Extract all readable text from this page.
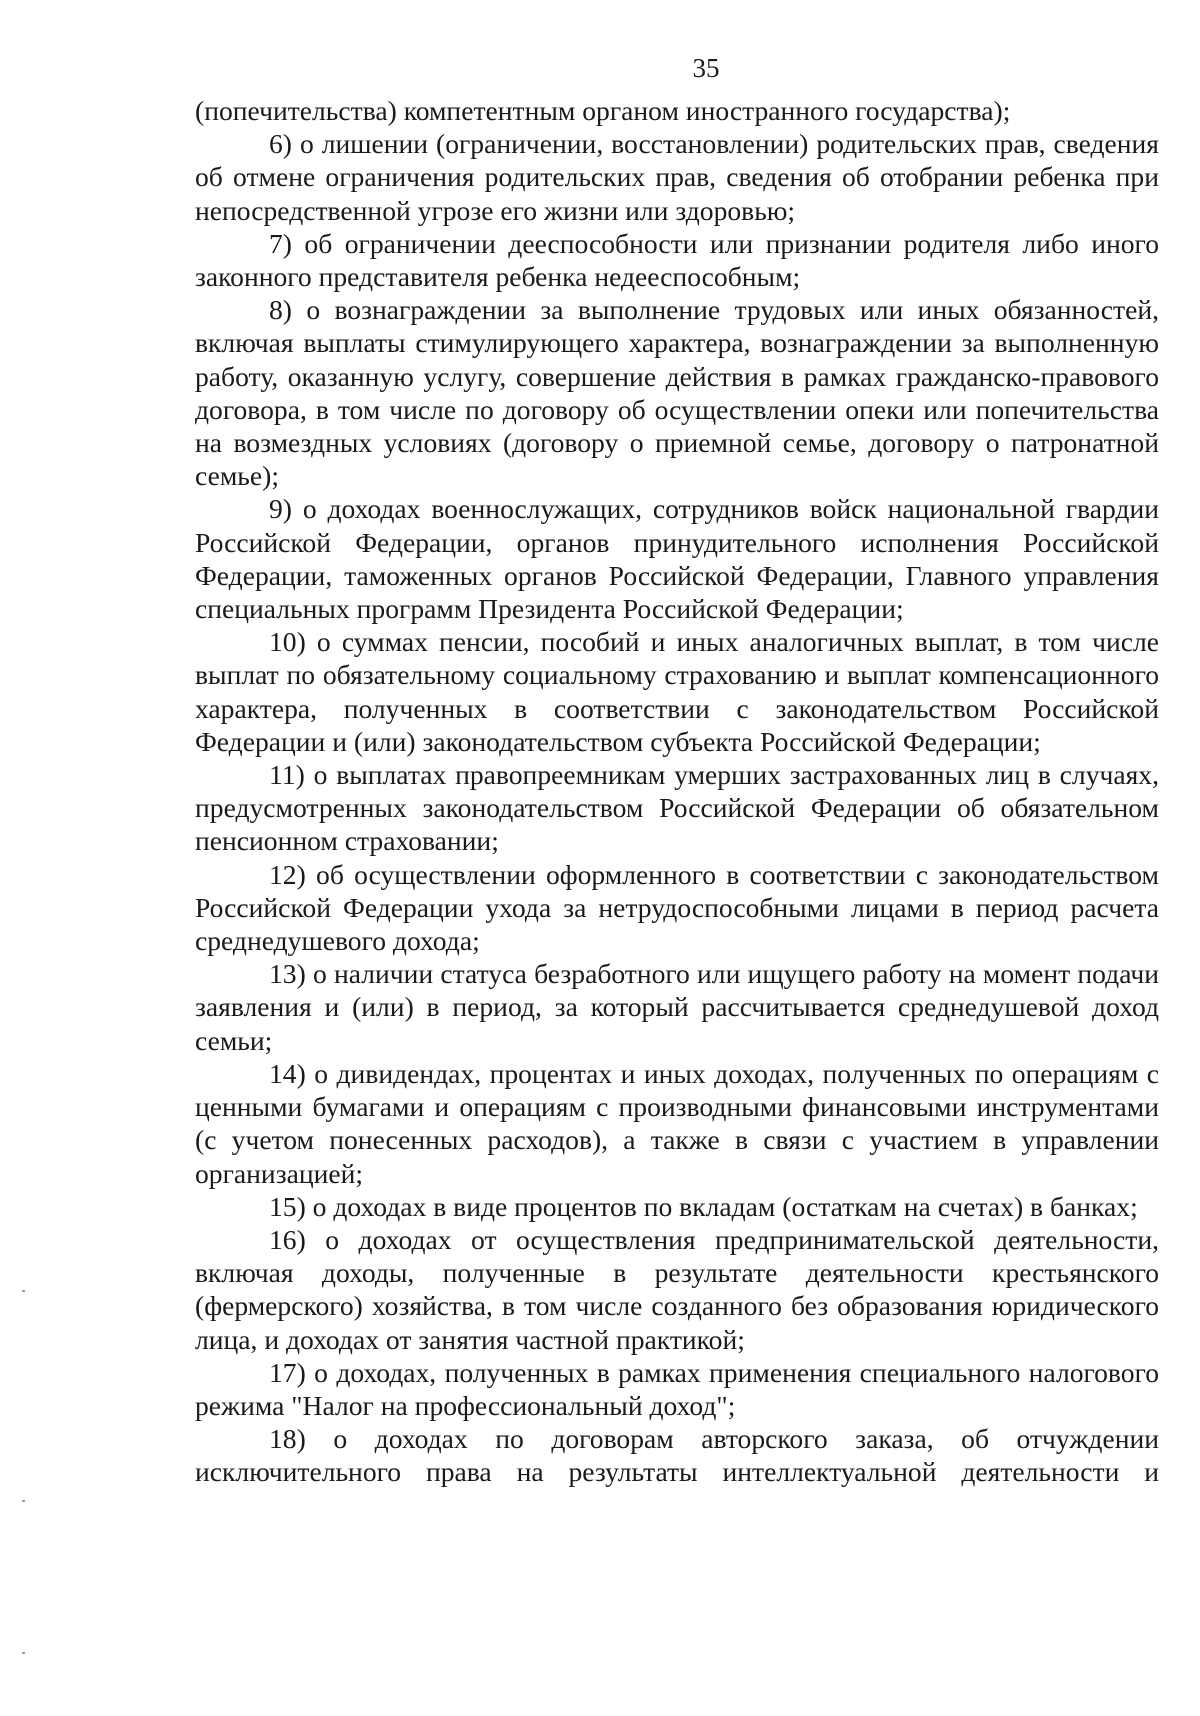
35

(попечительства) компетентным органом иностранного государства);

6) о лишении (ограничении, восстановлении) родительских прав, сведения об отмене ограничения родительских прав, сведения об отобрании ребенка при непосредственной угрозе его жизни или здоровью;

7) об ограничении дееспособности или признании родителя либо иного законного представителя ребенка недееспособным;

8) о вознаграждении за выполнение трудовых или иных обязанностей, включая выплаты стимулирующего характера, вознаграждении за выполненную работу, оказанную услугу, совершение действия в рамках гражданско-правового договора, в том числе по договору об осуществлении опеки или попечительства на возмездных условиях (договору о приемной семье, договору о патронатной семье);

9) о доходах военнослужащих, сотрудников войск национальной гвардии Российской Федерации, органов принудительного исполнения Российской Федерации, таможенных органов Российской Федерации, Главного управления специальных программ Президента Российской Федерации;

10) о суммах пенсии, пособий и иных аналогичных выплат, в том числе выплат по обязательному социальному страхованию и выплат компенсационного характера, полученных в соответствии с законодательством Российской Федерации и (или) законодательством субъекта Российской Федерации;

11) о выплатах правопреемникам умерших застрахованных лиц в случаях, предусмотренных законодательством Российской Федерации об обязательном пенсионном страховании;

12) об осуществлении оформленного в соответствии с законодательством Российской Федерации ухода за нетрудоспособными лицами в период расчета среднедушевого дохода;

13) о наличии статуса безработного или ищущего работу на момент подачи заявления и (или) в период, за который рассчитывается среднедушевой доход семьи;

14) о дивидендах, процентах и иных доходах, полученных по операциям с ценными бумагами и операциям с производными финансовыми инструментами (с учетом понесенных расходов), а также в связи с участием в управлении организацией;

15) о доходах в виде процентов по вкладам (остаткам на счетах) в банках;

16) о доходах от осуществления предпринимательской деятельности, включая доходы, полученные в результате деятельности крестьянского (фермерского) хозяйства, в том числе созданного без образования юридического лица, и доходах от занятия частной практикой;

17) о доходах, полученных в рамках применения специального налогового режима "Налог на профессиональный доход";

18) о доходах по договорам авторского заказа, об отчуждении исключительного права на результаты интеллектуальной деятельности и
